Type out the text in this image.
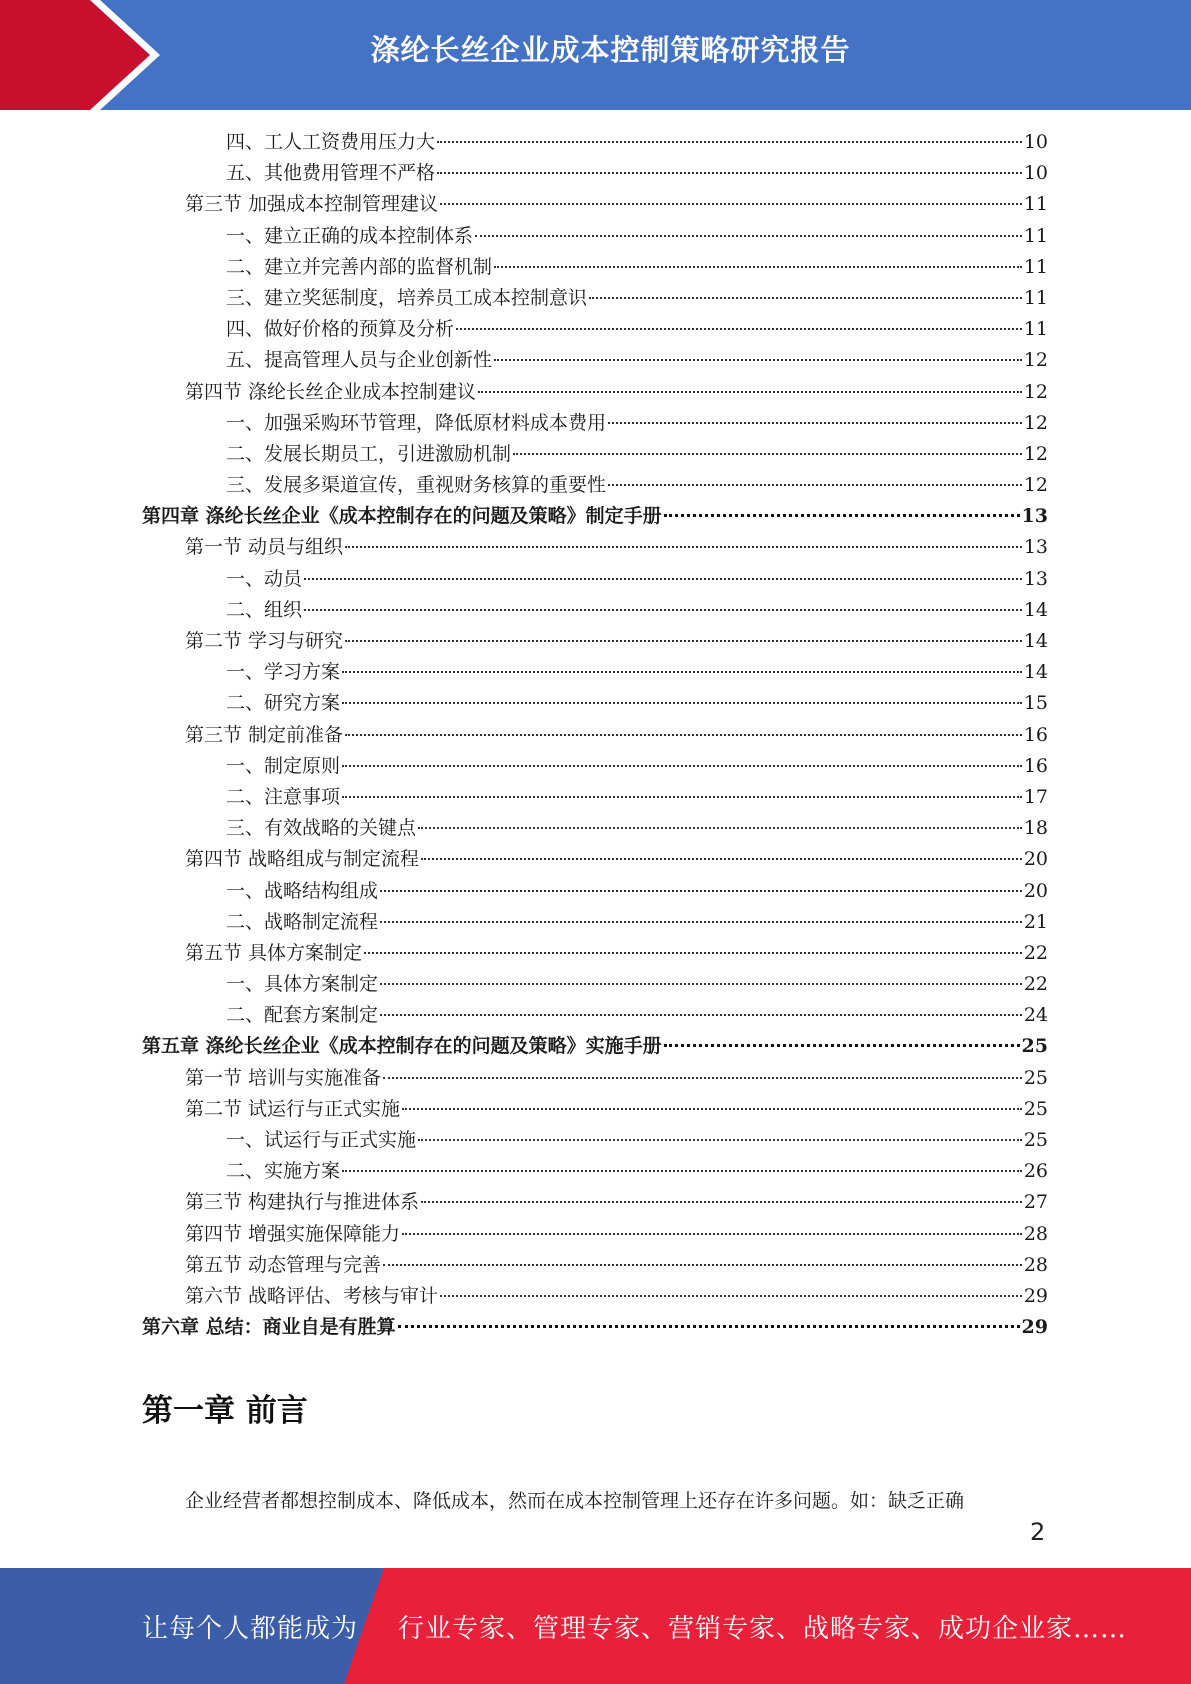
涤纶长丝企业成本控制策略研究报告
四、工人工资费用压力大	10
五、其他费用管理不严格	10
第三节 加强成本控制管理建议	11
一、建立正确的成本控制体系	11
二、建立并完善内部的监督机制	11
三、建立奖惩制度，培养员工成本控制意识	11
四、做好价格的预算及分析	11
五、提高管理人员与企业创新性	12
第四节 涤纶长丝企业成本控制建议	12
一、加强采购环节管理，降低原材料成本费用	12
二、发展长期员工，引进激励机制	12
三、发展多渠道宣传，重视财务核算的重要性	12
第四章 涤纶长丝企业《成本控制存在的问题及策略》制定手册	13
第一节 动员与组织	13
一、动员	13
二、组织	14
第二节 学习与研究	14
一、学习方案	14
二、研究方案	15
第三节 制定前准备	16
一、制定原则	16
二、注意事项	17
三、有效战略的关键点	18
第四节 战略组成与制定流程	20
一、战略结构组成	20
二、战略制定流程	21
第五节 具体方案制定	22
一、具体方案制定	22
二、配套方案制定	24
第五章 涤纶长丝企业《成本控制存在的问题及策略》实施手册	25
第一节 培训与实施准备	25
第二节 试运行与正式实施	25
一、试运行与正式实施	25
二、实施方案	26
第三节 构建执行与推进体系	27
第四节 增强实施保障能力	28
第五节 动态管理与完善	28
第六节 战略评估、考核与审计	29
第六章 总结：商业自是有胜算	29
第一章 前言
企业经营者都想控制成本、降低成本，然而在成本控制管理上还存在许多问题。如：缺乏正确
2
让每个人都能成为 行业专家、管理专家、营销专家、战略专家、成功企业家……
